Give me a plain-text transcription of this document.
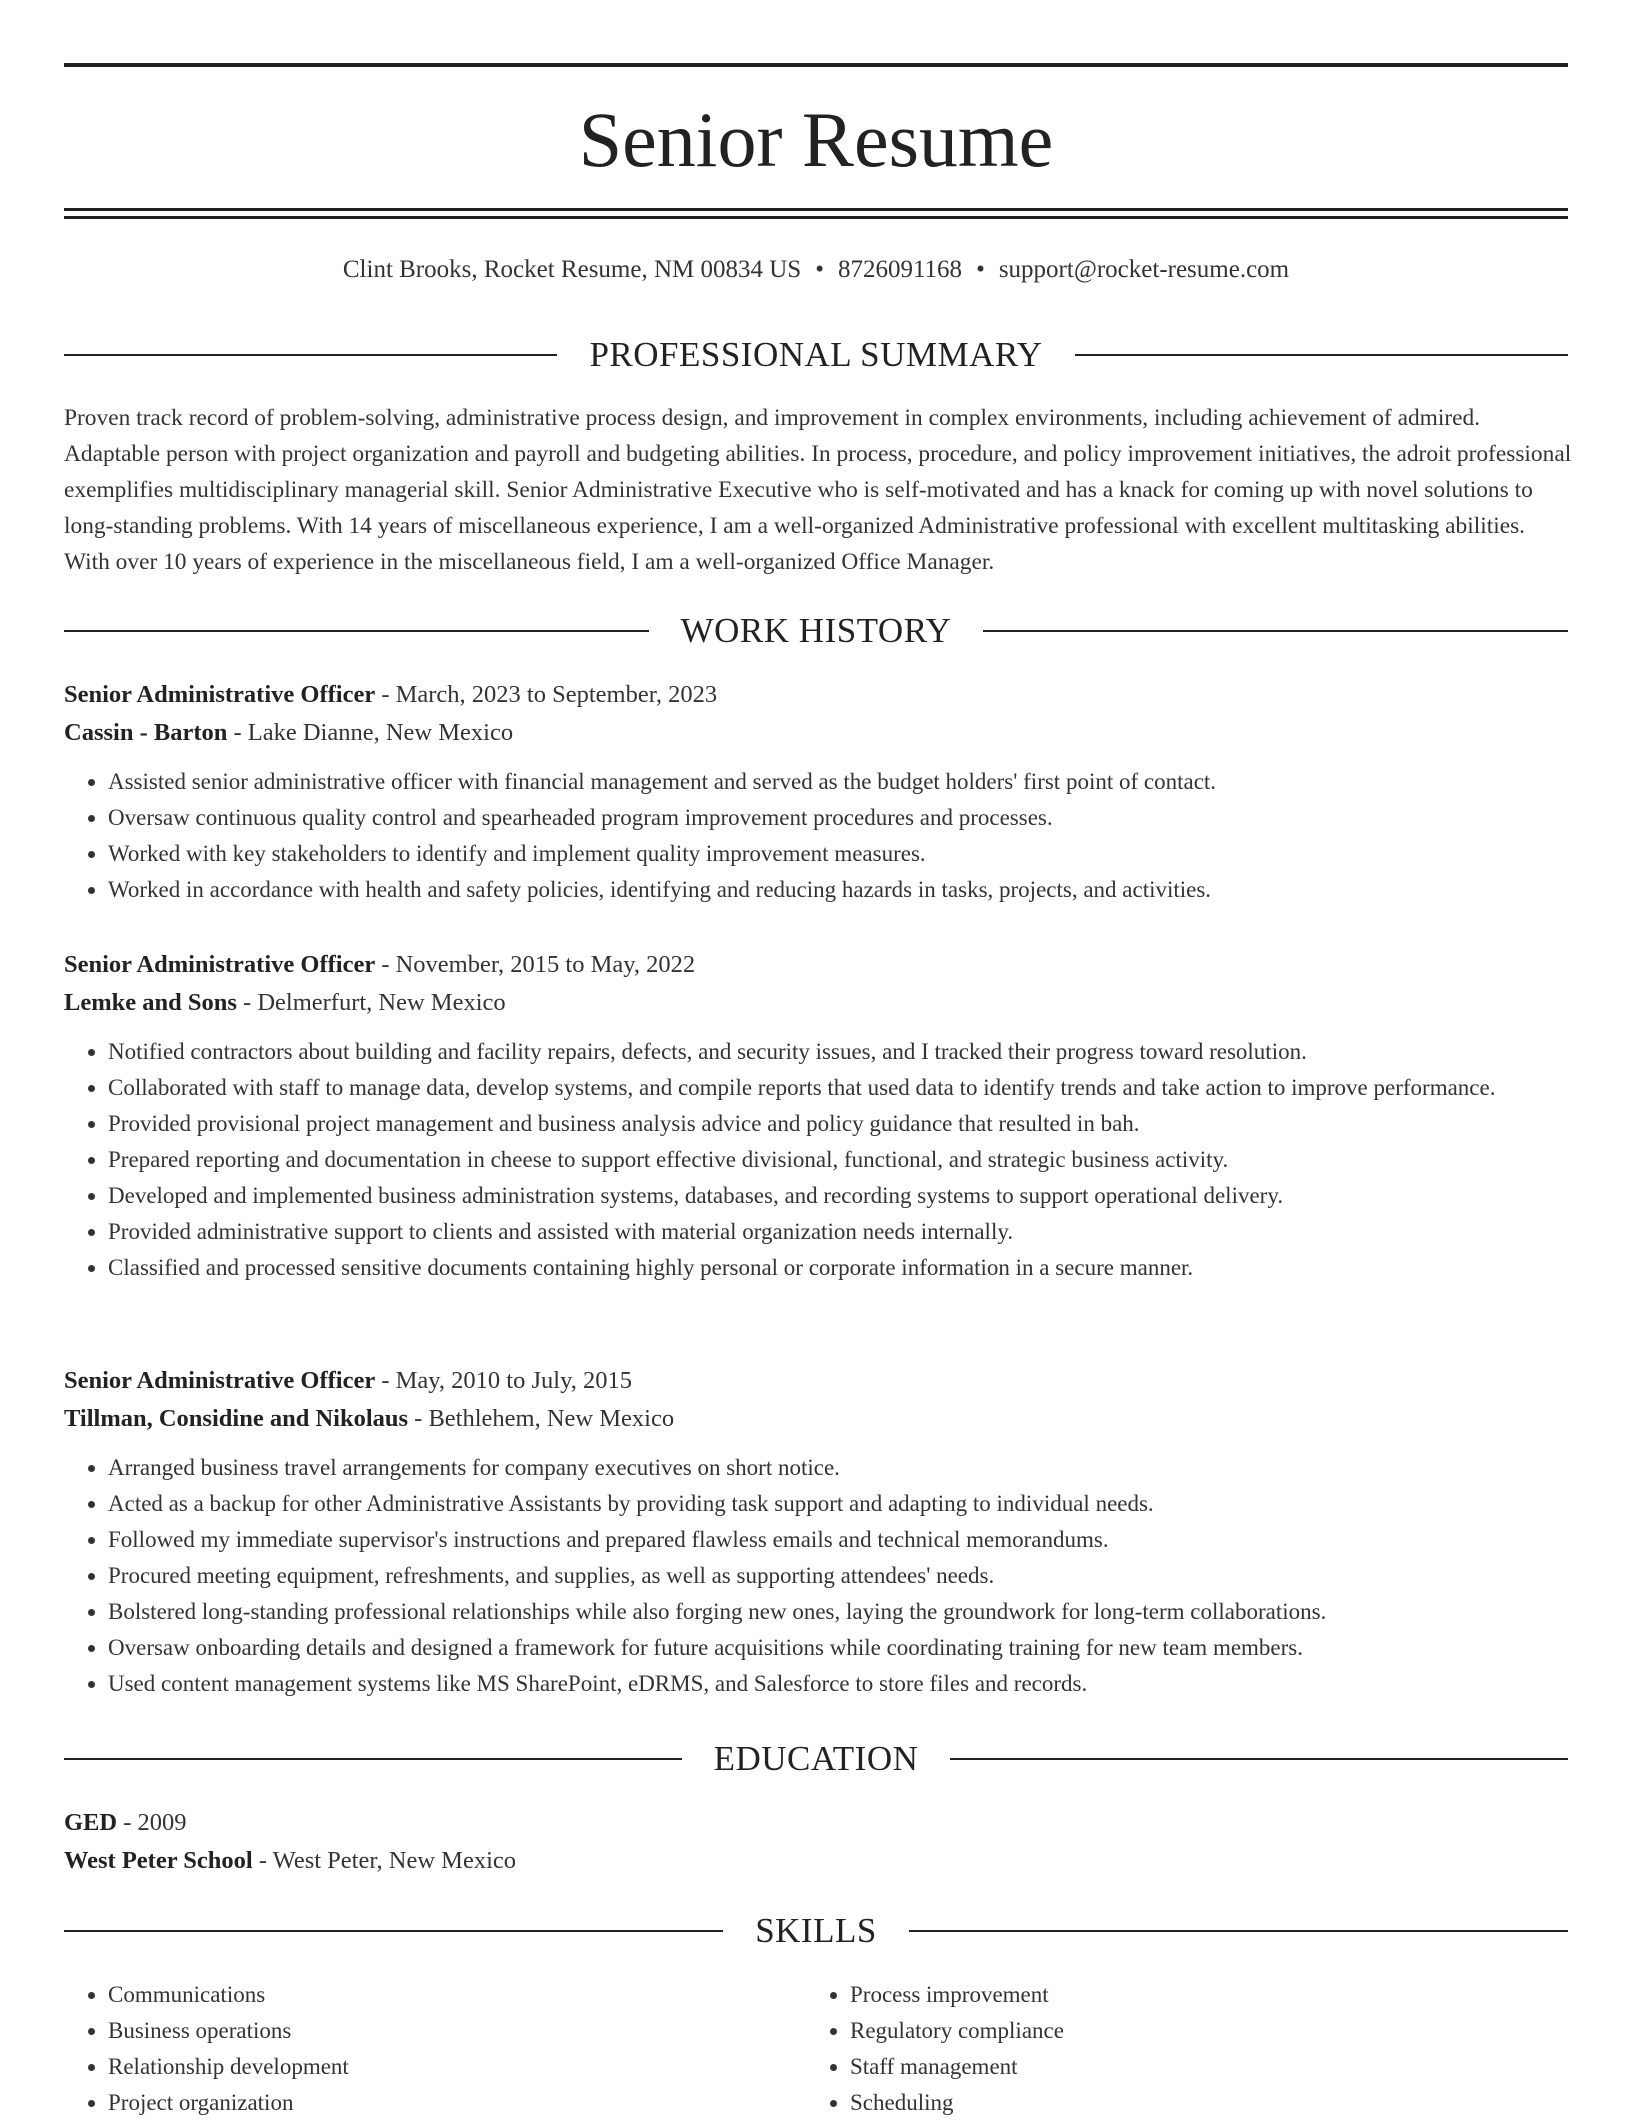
Senior Resume
Clint Brooks, Rocket Resume, NM 00834 US • 8726091168 • support@rocket-resume.com
PROFESSIONAL SUMMARY
Proven track record of problem-solving, administrative process design, and improvement in complex environments, including achievement of admired. Adaptable person with project organization and payroll and budgeting abilities. In process, procedure, and policy improvement initiatives, the adroit professional exemplifies multidisciplinary managerial skill. Senior Administrative Executive who is self-motivated and has a knack for coming up with novel solutions to long-standing problems. With 14 years of miscellaneous experience, I am a well-organized Administrative professional with excellent multitasking abilities. With over 10 years of experience in the miscellaneous field, I am a well-organized Office Manager.
WORK HISTORY
Senior Administrative Officer - March, 2023 to September, 2023
Cassin - Barton - Lake Dianne, New Mexico
• Assisted senior administrative officer with financial management and served as the budget holders' first point of contact.
• Oversaw continuous quality control and spearheaded program improvement procedures and processes.
• Worked with key stakeholders to identify and implement quality improvement measures.
• Worked in accordance with health and safety policies, identifying and reducing hazards in tasks, projects, and activities.
Senior Administrative Officer - November, 2015 to May, 2022
Lemke and Sons - Delmerfurt, New Mexico
• Notified contractors about building and facility repairs, defects, and security issues, and I tracked their progress toward resolution.
• Collaborated with staff to manage data, develop systems, and compile reports that used data to identify trends and take action to improve performance.
• Provided provisional project management and business analysis advice and policy guidance that resulted in bah.
• Prepared reporting and documentation in cheese to support effective divisional, functional, and strategic business activity.
• Developed and implemented business administration systems, databases, and recording systems to support operational delivery.
• Provided administrative support to clients and assisted with material organization needs internally.
• Classified and processed sensitive documents containing highly personal or corporate information in a secure manner.
Senior Administrative Officer - May, 2010 to July, 2015
Tillman, Considine and Nikolaus - Bethlehem, New Mexico
• Arranged business travel arrangements for company executives on short notice.
• Acted as a backup for other Administrative Assistants by providing task support and adapting to individual needs.
• Followed my immediate supervisor's instructions and prepared flawless emails and technical memorandums.
• Procured meeting equipment, refreshments, and supplies, as well as supporting attendees' needs.
• Bolstered long-standing professional relationships while also forging new ones, laying the groundwork for long-term collaborations.
• Oversaw onboarding details and designed a framework for future acquisitions while coordinating training for new team members.
• Used content management systems like MS SharePoint, eDRMS, and Salesforce to store files and records.
EDUCATION
GED - 2009
West Peter School - West Peter, New Mexico
SKILLS
• Communications
• Business operations
• Relationship development
• Project organization
• Process improvement
• Regulatory compliance
• Staff management
• Scheduling
